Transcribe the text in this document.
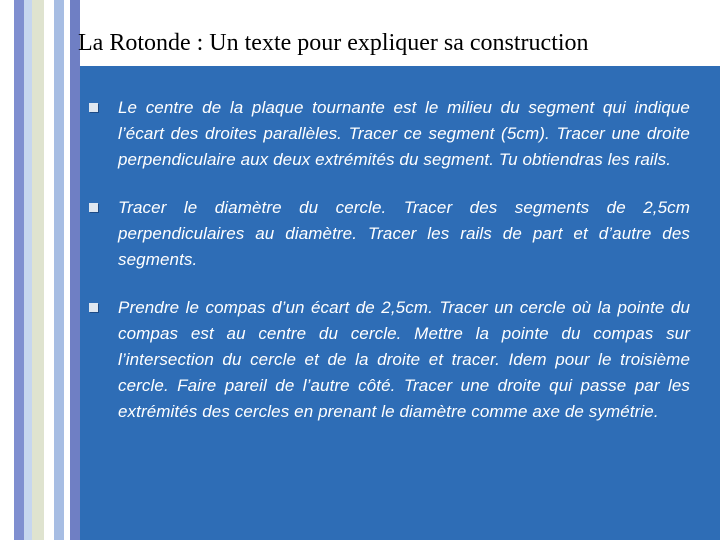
La Rotonde : Un texte pour expliquer sa construction
Le centre de la plaque tournante est le milieu du segment qui indique l’écart des droites parallèles. Tracer ce segment (5cm). Tracer une droite perpendiculaire aux deux extrémités du segment. Tu obtiendras les rails.
Tracer le diamètre du cercle. Tracer des segments de 2,5cm perpendiculaires au diamètre. Tracer les rails de part et d’autre des segments.
Prendre le compas d’un écart de 2,5cm. Tracer un cercle où la pointe du compas est au centre du cercle. Mettre la pointe du compas sur l’intersection du cercle et de la droite et tracer. Idem pour le troisième cercle. Faire pareil de l’autre côté. Tracer une droite qui passe par les extrémités des cercles en prenant le diamètre comme axe de symétrie.
